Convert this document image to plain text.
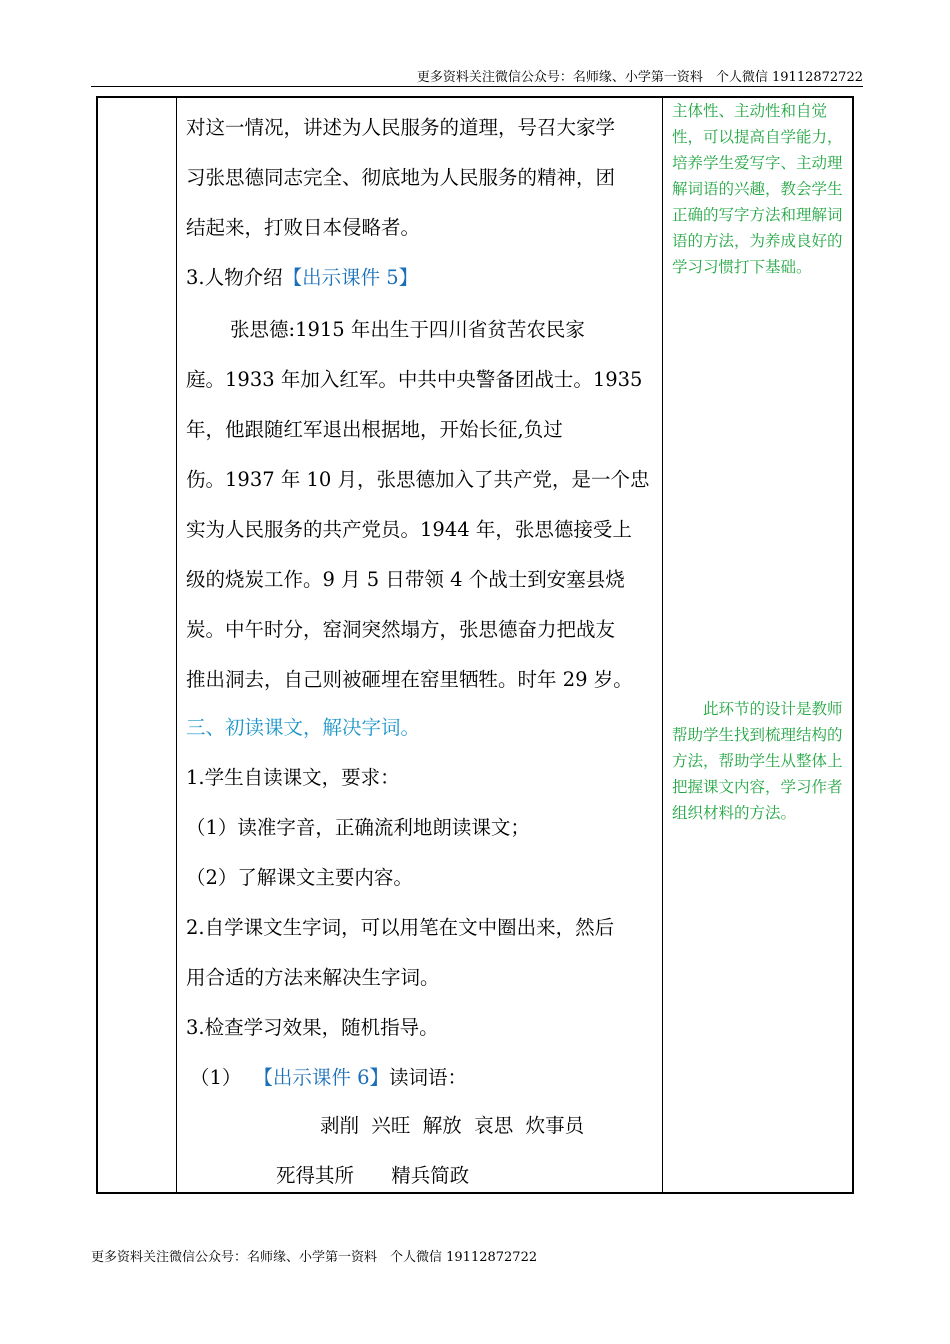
更多资料关注微信公众号：名师缘、小学第一资料　个人微信 19112872722
对这一情况，讲述为人民服务的道理，号召大家学
习张思德同志完全、彻底地为人民服务的精神，团
结起来，打败日本侵略者。
3.人物介绍【出示课件 5】
张思德:1915 年出生于四川省贫苦农民家
庭。1933 年加入红军。中共中央警备团战士。1935
年，他跟随红军退出根据地，开始长征,负过
伤。1937 年 10 月，张思德加入了共产党，是一个忠
实为人民服务的共产党员。1944 年，张思德接受上
级的烧炭工作。9 月 5 日带领 4 个战士到安塞县烧
炭。中午时分，窑洞突然塌方，张思德奋力把战友
推出洞去，自己则被砸埋在窑里牺牲。时年 29 岁。
三、初读课文，解决字词。
1.学生自读课文，要求：
（1）读准字音，正确流利地朗读课文；
（2）了解课文主要内容。
2.自学课文生字词，可以用笔在文中圈出来，然后
用合适的方法来解决生字词。
3.检查学习效果，随机指导。
（1） 【出示课件 6】读词语：
剥削  兴旺  解放  哀思  炊事员
死得其所      精兵简政

主体性、主动性和自觉性，可以提高自学能力，培养学生爱写字、主动理解词语的兴趣，教会学生正确的写字方法和理解词语的方法，为养成良好的学习习惯打下基础。

　　此环节的设计是教师帮助学生找到梳理结构的方法，帮助学生从整体上把握课文内容，学习作者组织材料的方法。

更多资料关注微信公众号：名师缘、小学第一资料　个人微信 19112872722
